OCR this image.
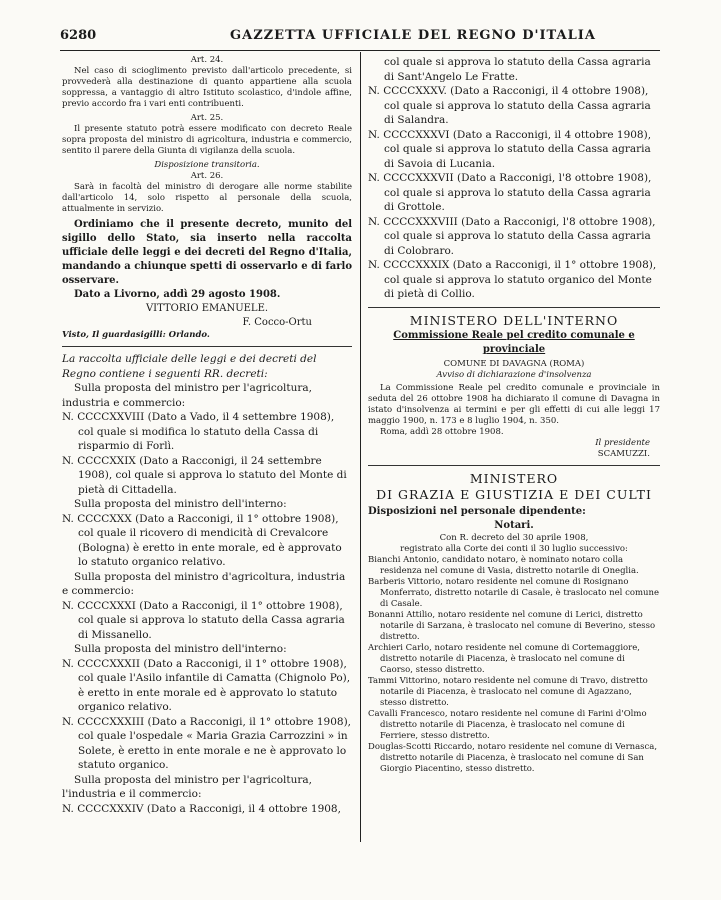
6280	GAZZETTA UFFICIALE DEL REGNO D'ITALIA
Art. 24.
Nel caso di scioglimento previsto dall'articolo precedente, si provvederà alla destinazione di quanto appartiene alla scuola soppressa, a vantaggio di altro Istituto scolastico, d'indole affine, previo accordo fra i vari enti contribuenti.
Art. 25.
Il presente statuto potrà essere modificato con decreto Reale sopra proposta del ministro di agricoltura, industria e commercio, sentito il parere della Giunta di vigilanza della scuola.
Disposizione transitoria.
Art. 26.
Sarà in facoltà del ministro di derogare alle norme stabilite dall'articolo 14, solo rispetto al personale della scuola, attualmente in servizio.
Ordiniamo che il presente decreto, munito del sigillo dello Stato, sia inserto nella raccolta ufficiale delle leggi e dei decreti del Regno d'Italia, mandando a chiunque spetti di osservarlo e di farlo osservare.
Dato a Livorno, addì 29 agosto 1908.
VITTORIO EMANUELE.
F. Cocco-Ortu
Visto, Il guardasigilli: Orlando.
La raccolta ufficiale delle leggi e dei decreti del Regno contiene i seguenti RR. decreti:
Sulla proposta del ministro per l'agricoltura, industria e commercio:
N. CCCCXXVIII (Dato a Vado, il 4 settembre 1908), col quale si modifica lo statuto della Cassa di risparmio di Forlì.
N. CCCCXXIX (Dato a Racconigi, il 24 settembre 1908), col quale si approva lo statuto del Monte di pietà di Cittadella.
Sulla proposta del ministro dell'interno:
N. CCCCXXX (Dato a Racconigi, il 1° ottobre 1908), col quale il ricovero di mendicità di Crevalcore (Bologna) è eretto in ente morale, ed è approvato lo statuto organico relativo.
Sulla proposta del ministro d'agricoltura, industria e commercio:
N. CCCCXXXI (Dato a Racconigi, il 1° ottobre 1908), col quale si approva lo statuto della Cassa agraria di Missanello.
Sulla proposta del ministro dell'interno:
N. CCCCXXXII (Dato a Racconigi, il 1° ottobre 1908), col quale l'Asilo infantile di Camatta (Chignolo Po), è eretto in ente morale ed è approvato lo statuto organico relativo.
N. CCCCXXXIII (Dato a Racconigi, il 1° ottobre 1908), col quale l'ospedale « Maria Grazia Carrozzini » in Solete, è eretto in ente morale e ne è approvato lo statuto organico.
Sulla proposta del ministro per l'agricoltura, l'industria e il commercio:
N. CCCCXXXIV (Dato a Racconigi, il 4 ottobre 1908,
col quale si approva lo statuto della Cassa agraria di Sant'Angelo Le Fratte.
N. CCCCXXXV. (Dato a Racconigi, il 4 ottobre 1908), col quale si approva lo statuto della Cassa agraria di Salandra.
N. CCCCXXXVI (Dato a Racconigi, il 4 ottobre 1908), col quale si approva lo statuto della Cassa agraria di Savoia di Lucania.
N. CCCCXXXVII (Dato a Racconigi, l'8 ottobre 1908), col quale si approva lo statuto della Cassa agraria di Grottole.
N. CCCCXXXVIII (Dato a Racconigi, l'8 ottobre 1908), col quale si approva lo statuto della Cassa agraria di Colobraro.
N. CCCCXXXIX (Dato a Racconigi, il 1° ottobre 1908), col quale si approva lo statuto organico del Monte di pietà di Collio.
MINISTERO DELL'INTERNO
Commissione Reale pel credito comunale e provinciale
COMUNE DI DAVAGNA (ROMA)
Avviso di dichiarazione d'insolvenza
La Commissione Reale pel credito comunale e provinciale in seduta del 26 ottobre 1908 ha dichiarato il comune di Davagna in istato d'insolvenza ai termini e per gli effetti di cui alle leggi 17 maggio 1900, n. 173 e 8 luglio 1904, n. 350.
Roma, addì 28 ottobre 1908.
Il presidente
SCAMUZZI.
MINISTERO
DI GRAZIA E GIUSTIZIA E DEI CULTI
Disposizioni nel personale dipendente:
Notari.
Con R. decreto del 30 aprile 1908,
registrato alla Corte dei conti il 30 luglio successivo:
Bianchi Antonio, candidato notaro, è nominato notaro colla residenza nel comune di Vasia, distretto notarile di Oneglia.
Barberis Vittorio, notaro residente nel comune di Rosignano Monferrato, distretto notarile di Casale, è traslocato nel comune di Casale.
Bonanni Attilio, notaro residente nel comune di Lerici, distretto notarile di Sarzana, è traslocato nel comune di Beverino, stesso distretto.
Archieri Carlo, notaro residente nel comune di Cortemaggiore, distretto notarile di Piacenza, è traslocato nel comune di Caorso, stesso distretto.
Tammi Vittorino, notaro residente nel comune di Travo, distretto notarile di Piacenza, è traslocato nel comune di Agazzano, stesso distretto.
Cavalli Francesco, notaro residente nel comune di Farini d'Olmo distretto notarile di Piacenza, è traslocato nel comune di Ferriere, stesso distretto.
Douglas-Scotti Riccardo, notaro residente nel comune di Vernasca, distretto notarile di Piacenza, è traslocato nel comune di San Giorgio Piacentino, stesso distretto.
